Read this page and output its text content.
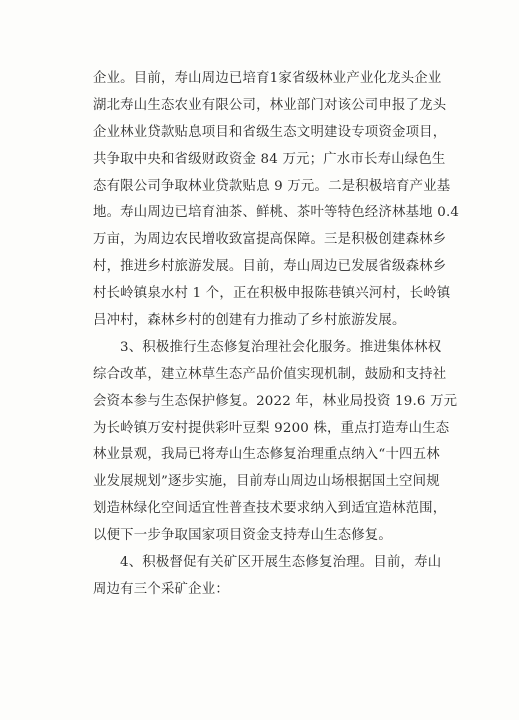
企业。目前，寿山周边已培育1家省级林业产业化龙头企业
湖北寿山生态农业有限公司，林业部门对该公司申报了龙头
企业林业贷款贴息项目和省级生态文明建设专项资金项目，
共争取中央和省级财政资金 84 万元；广水市长寿山绿色生
态有限公司争取林业贷款贴息 9 万元。二是积极培育产业基
地。寿山周边已培育油茶、鲜桃、茶叶等特色经济林基地 0.4
万亩，为周边农民增收致富提高保障。三是积极创建森林乡
村，推进乡村旅游发展。目前，寿山周边已发展省级森林乡
村长岭镇泉水村 1 个，正在积极申报陈巷镇兴河村，长岭镇
吕冲村，森林乡村的创建有力推动了乡村旅游发展。
3、积极推行生态修复治理社会化服务。推进集体林权
综合改革，建立林草生态产品价值实现机制，鼓励和支持社
会资本参与生态保护修复。2022 年，林业局投资 19.6 万元
为长岭镇万安村提供彩叶豆梨 9200 株，重点打造寿山生态
林业景观，我局已将寿山生态修复治理重点纳入“十四五林
业发展规划”逐步实施，目前寿山周边山场根据国土空间规
划造林绿化空间适宜性普查技术要求纳入到适宜造林范围，
以便下一步争取国家项目资金支持寿山生态修复。
4、积极督促有关矿区开展生态修复治理。目前，寿山
周边有三个采矿企业：
